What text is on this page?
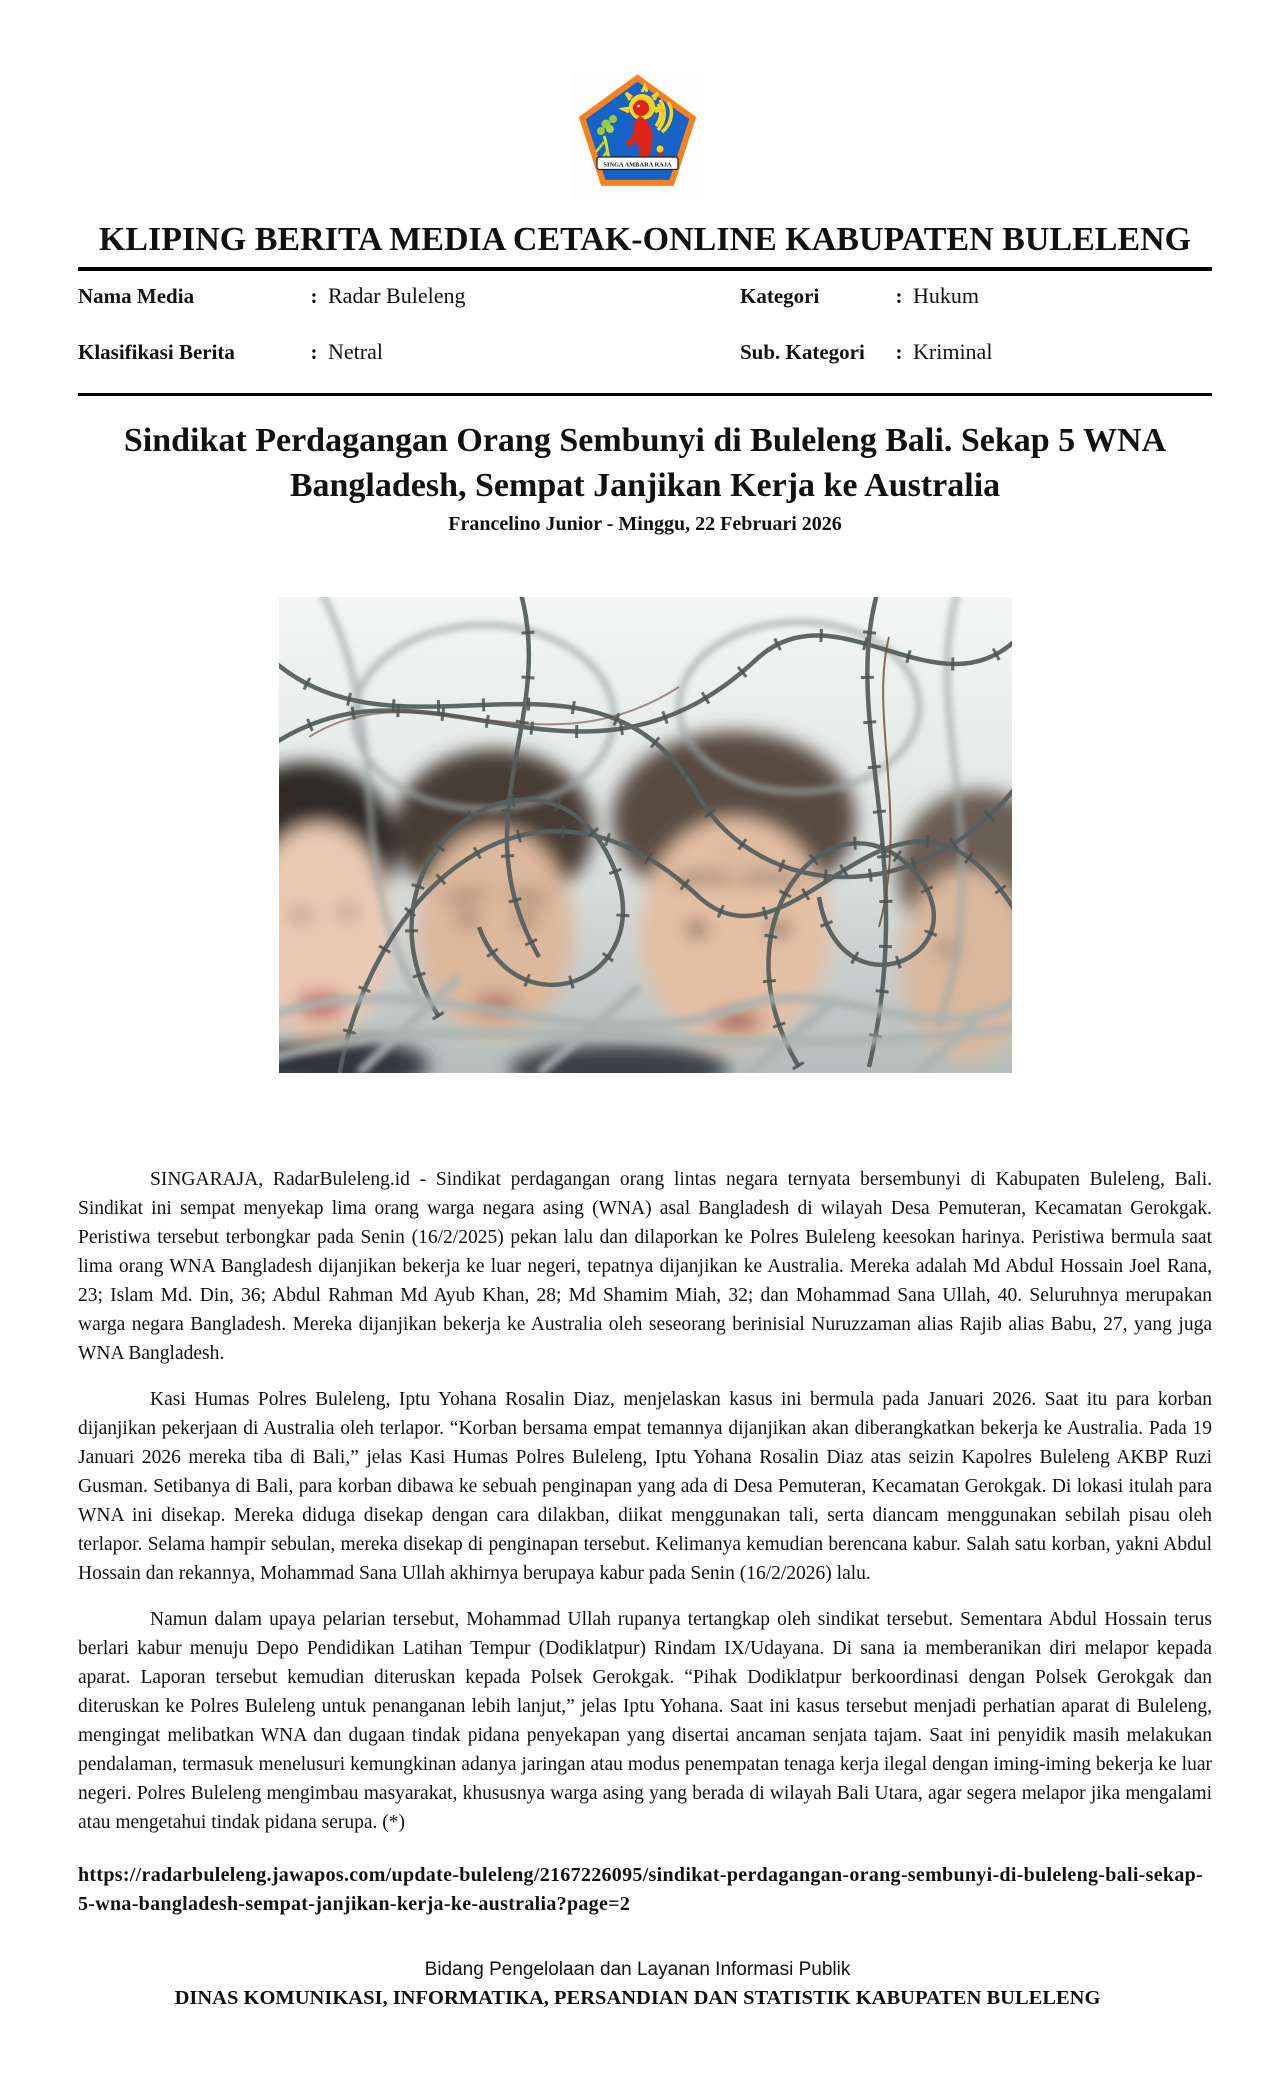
SINGA AMBARA RAJA
KLIPING BERITA MEDIA CETAK-ONLINE KABUPATEN BULELENG
Nama Media	: Radar Buleleng	Kategori	: Hukum
Klasifikasi Berita	: Netral	Sub. Kategori	: Kriminal
Sindikat Perdagangan Orang Sembunyi di Buleleng Bali. Sekap 5 WNA Bangladesh, Sempat Janjikan Kerja ke Australia
Francelino Junior - Minggu, 22 Februari 2026

SINGARAJA, RadarBuleleng.id - Sindikat perdagangan orang lintas negara ternyata bersembunyi di Kabupaten Buleleng, Bali. Sindikat ini sempat menyekap lima orang warga negara asing (WNA) asal Bangladesh di wilayah Desa Pemuteran, Kecamatan Gerokgak. Peristiwa tersebut terbongkar pada Senin (16/2/2025) pekan lalu dan dilaporkan ke Polres Buleleng keesokan harinya. Peristiwa bermula saat lima orang WNA Bangladesh dijanjikan bekerja ke luar negeri, tepatnya dijanjikan ke Australia. Mereka adalah Md Abdul Hossain Joel Rana, 23; Islam Md. Din, 36; Abdul Rahman Md Ayub Khan, 28; Md Shamim Miah, 32; dan Mohammad Sana Ullah, 40. Seluruhnya merupakan warga negara Bangladesh. Mereka dijanjikan bekerja ke Australia oleh seseorang berinisial Nuruzzaman alias Rajib alias Babu, 27, yang juga WNA Bangladesh.

Kasi Humas Polres Buleleng, Iptu Yohana Rosalin Diaz, menjelaskan kasus ini bermula pada Januari 2026. Saat itu para korban dijanjikan pekerjaan di Australia oleh terlapor. “Korban bersama empat temannya dijanjikan akan diberangkatkan bekerja ke Australia. Pada 19 Januari 2026 mereka tiba di Bali,” jelas Kasi Humas Polres Buleleng, Iptu Yohana Rosalin Diaz atas seizin Kapolres Buleleng AKBP Ruzi Gusman. Setibanya di Bali, para korban dibawa ke sebuah penginapan yang ada di Desa Pemuteran, Kecamatan Gerokgak. Di lokasi itulah para WNA ini disekap. Mereka diduga disekap dengan cara dilakban, diikat menggunakan tali, serta diancam menggunakan sebilah pisau oleh terlapor. Selama hampir sebulan, mereka disekap di penginapan tersebut. Kelimanya kemudian berencana kabur. Salah satu korban, yakni Abdul Hossain dan rekannya, Mohammad Sana Ullah akhirnya berupaya kabur pada Senin (16/2/2026) lalu.

Namun dalam upaya pelarian tersebut, Mohammad Ullah rupanya tertangkap oleh sindikat tersebut. Sementara Abdul Hossain terus berlari kabur menuju Depo Pendidikan Latihan Tempur (Dodiklatpur) Rindam IX/Udayana. Di sana ia memberanikan diri melapor kepada aparat. Laporan tersebut kemudian diteruskan kepada Polsek Gerokgak. “Pihak Dodiklatpur berkoordinasi dengan Polsek Gerokgak dan diteruskan ke Polres Buleleng untuk penanganan lebih lanjut,” jelas Iptu Yohana. Saat ini kasus tersebut menjadi perhatian aparat di Buleleng, mengingat melibatkan WNA dan dugaan tindak pidana penyekapan yang disertai ancaman senjata tajam. Saat ini penyidik masih melakukan pendalaman, termasuk menelusuri kemungkinan adanya jaringan atau modus penempatan tenaga kerja ilegal dengan iming-iming bekerja ke luar negeri. Polres Buleleng mengimbau masyarakat, khususnya warga asing yang berada di wilayah Bali Utara, agar segera melapor jika mengalami atau mengetahui tindak pidana serupa. (*)

https://radarbuleleng.jawapos.com/update-buleleng/2167226095/sindikat-perdagangan-orang-sembunyi-di-buleleng-bali-sekap-5-wna-bangladesh-sempat-janjikan-kerja-ke-australia?page=2
Bidang Pengelolaan dan Layanan Informasi Publik
DINAS KOMUNIKASI, INFORMATIKA, PERSANDIAN DAN STATISTIK KABUPATEN BULELENG
